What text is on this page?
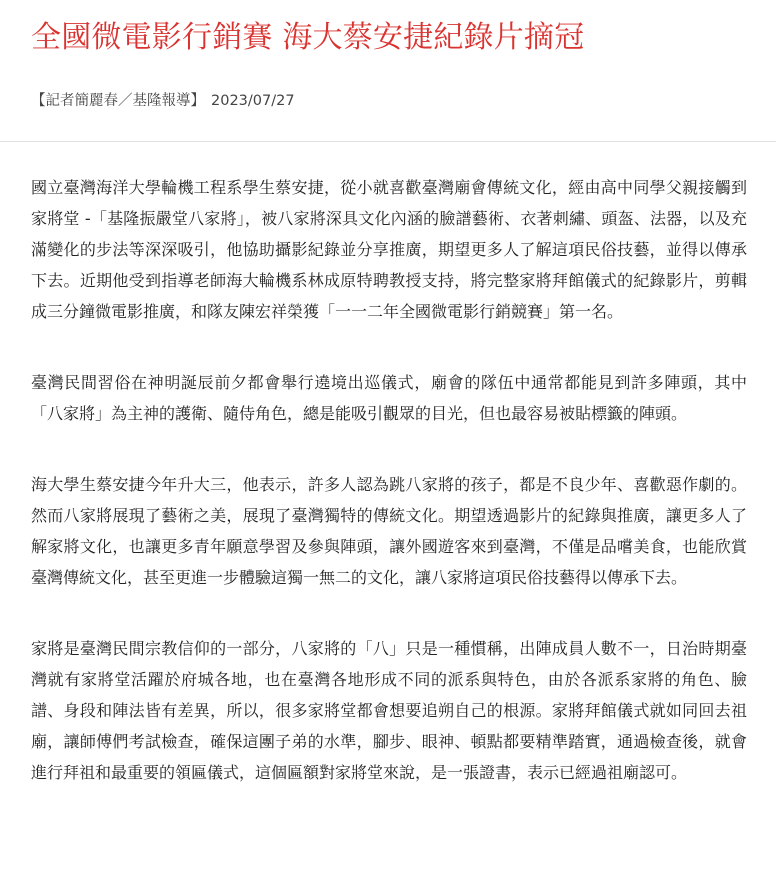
全國微電影行銷賽 海大蔡安捷紀錄片摘冠
【記者簡麗春／基隆報導】 2023/07/27

國立臺灣海洋大學輪機工程系學生蔡安捷，從小就喜歡臺灣廟會傳統文化，經由高中同學父親接觸到家將堂 -「基隆振嚴堂八家將」，被八家將深具文化內涵的臉譜藝術、衣著刺繡、頭盔、法器，以及充滿變化的步法等深深吸引，他協助攝影紀錄並分享推廣，期望更多人了解這項民俗技藝，並得以傳承下去。近期他受到指導老師海大輪機系林成原特聘教授支持，將完整家將拜館儀式的紀錄影片，剪輯成三分鐘微電影推廣，和隊友陳宏祥榮獲「一一二年全國微電影行銷競賽」第一名。

臺灣民間習俗在神明誕辰前夕都會舉行遶境出巡儀式，廟會的隊伍中通常都能見到許多陣頭，其中「八家將」為主神的護衛、隨侍角色，總是能吸引觀眾的目光，但也最容易被貼標籤的陣頭。

海大學生蔡安捷今年升大三，他表示，許多人認為跳八家將的孩子，都是不良少年、喜歡惡作劇的。然而八家將展現了藝術之美，展現了臺灣獨特的傳統文化。期望透過影片的紀錄與推廣，讓更多人了解家將文化，也讓更多青年願意學習及參與陣頭，讓外國遊客來到臺灣，不僅是品嚐美食，也能欣賞臺灣傳統文化，甚至更進一步體驗這獨一無二的文化，讓八家將這項民俗技藝得以傳承下去。

家將是臺灣民間宗教信仰的一部分，八家將的「八」只是一種慣稱，出陣成員人數不一，日治時期臺灣就有家將堂活躍於府城各地，也在臺灣各地形成不同的派系與特色，由於各派系家將的角色、臉譜、身段和陣法皆有差異，所以，很多家將堂都會想要追朔自己的根源。家將拜館儀式就如同回去祖廟，讓師傅們考試檢查，確保這團子弟的水準，腳步、眼神、頓點都要精準踏實，通過檢查後，就會進行拜祖和最重要的領匾儀式，這個匾額對家將堂來說，是一張證書，表示已經過祖廟認可。
